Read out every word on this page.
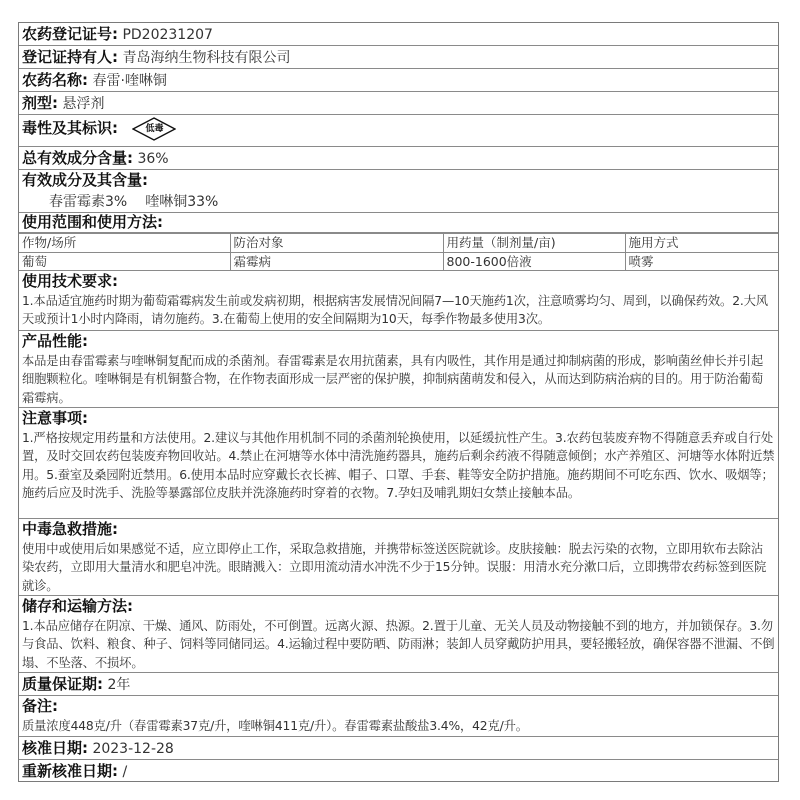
农药登记证号: PD20231207
登记证持有人: 青岛海纳生物科技有限公司
农药名称: 春雷·喹啉铜
剂型: 悬浮剂
毒性及其标识:	低毒
总有效成分含量: 36%
有效成分及其含量:
春雷霉素3% 喹啉铜33%
使用范围和使用方法:
作物/场所	防治对象	用药量（制剂量/亩)	施用方式
葡萄	霜霉病	800-1600倍液	喷雾
使用技术要求:
1.本品适宜施药时期为葡萄霜霉病发生前或发病初期，根据病害发展情况间隔7—10天施药1次，注意喷雾均匀、周到，以确保药效。2.大风天或预计1小时内降雨，请勿施药。3.在葡萄上使用的安全间隔期为10天，每季作物最多使用3次。
产品性能:
本品是由春雷霉素与喹啉铜复配而成的杀菌剂。春雷霉素是农用抗菌素，具有内吸性，其作用是通过抑制病菌的形成，影响菌丝伸长并引起细胞颗粒化。喹啉铜是有机铜螯合物，在作物表面形成一层严密的保护膜，抑制病菌萌发和侵入，从而达到防病治病的目的。用于防治葡萄霜霉病。
注意事项:
1.严格按规定用药量和方法使用。2.建议与其他作用机制不同的杀菌剂轮换使用，以延缓抗性产生。3.农药包装废弃物不得随意丢弃或自行处置，及时交回农药包装废弃物回收站。4.禁止在河塘等水体中清洗施药器具，施药后剩余药液不得随意倾倒；水产养殖区、河塘等水体附近禁用。5.蚕室及桑园附近禁用。6.使用本品时应穿戴长衣长裤、帽子、口罩、手套、鞋等安全防护措施。施药期间不可吃东西、饮水、吸烟等；施药后应及时洗手、洗脸等暴露部位皮肤并洗涤施药时穿着的衣物。7.孕妇及哺乳期妇女禁止接触本品。
中毒急救措施:
使用中或使用后如果感觉不适，应立即停止工作，采取急救措施，并携带标签送医院就诊。皮肤接触：脱去污染的衣物，立即用软布去除沾染农药，立即用大量清水和肥皂冲洗。眼睛溅入：立即用流动清水冲洗不少于15分钟。误服：用清水充分漱口后，立即携带农药标签到医院就诊。
储存和运输方法:
1.本品应储存在阴凉、干燥、通风、防雨处，不可倒置。远离火源、热源。2.置于儿童、无关人员及动物接触不到的地方，并加锁保存。3.勿与食品、饮料、粮食、种子、饲料等同储同运。4.运输过程中要防晒、防雨淋；装卸人员穿戴防护用具，要轻搬轻放，确保容器不泄漏、不倒塌、不坠落、不损坏。
质量保证期: 2年
备注:
质量浓度448克/升（春雷霉素37克/升，喹啉铜411克/升）。春雷霉素盐酸盐3.4%，42克/升。
核准日期: 2023-12-28
重新核准日期: /
